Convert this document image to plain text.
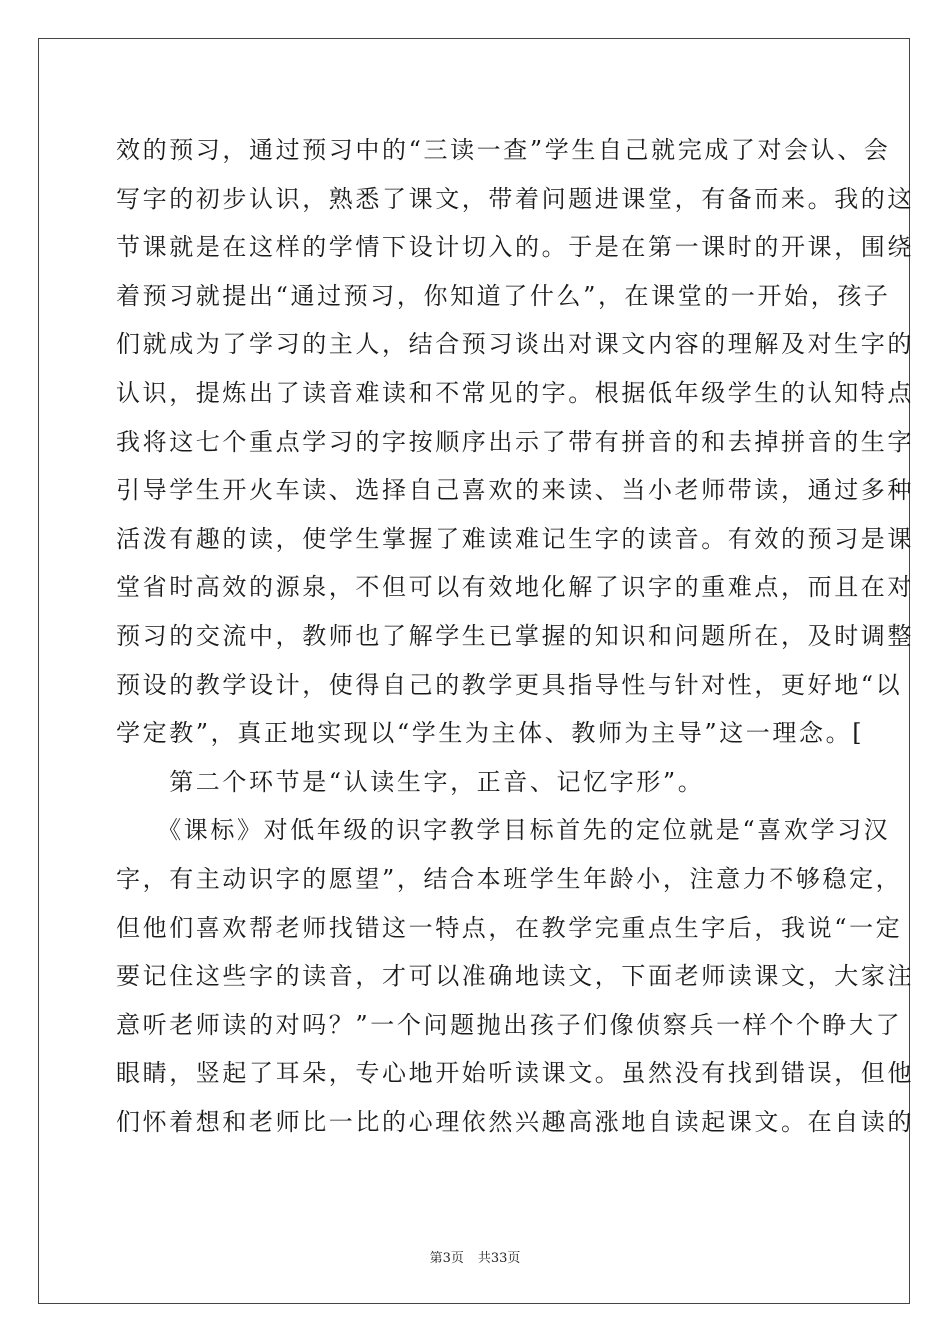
效的预习，通过预习中的“三读一查”学生自己就完成了对会认、会
写字的初步认识，熟悉了课文，带着问题进课堂，有备而来。我的这
节课就是在这样的学情下设计切入的。于是在第一课时的开课，围绕
着预习就提出“通过预习，你知道了什么”，在课堂的一开始，孩子
们就成为了学习的主人，结合预习谈出对课文内容的理解及对生字的
认识，提炼出了读音难读和不常见的字。根据低年级学生的认知特点
我将这七个重点学习的字按顺序出示了带有拼音的和去掉拼音的生字
引导学生开火车读、选择自己喜欢的来读、当小老师带读，通过多种
活泼有趣的读，使学生掌握了难读难记生字的读音。有效的预习是课
堂省时高效的源泉，不但可以有效地化解了识字的重难点，而且在对
预习的交流中，教师也了解学生已掌握的知识和问题所在，及时调整
预设的教学设计，使得自己的教学更具指导性与针对性，更好地“以
学定教”，真正地实现以“学生为主体、教师为主导”这一理念。[
　　第二个环节是“认读生字，正音、记忆字形”。
　　《课标》对低年级的识字教学目标首先的定位就是“喜欢学习汉
字，有主动识字的愿望”，结合本班学生年龄小，注意力不够稳定，
但他们喜欢帮老师找错这一特点，在教学完重点生字后，我说“一定
要记住这些字的读音，才可以准确地读文，下面老师读课文，大家注
意听老师读的对吗？”一个问题抛出孩子们像侦察兵一样个个睁大了
眼睛，竖起了耳朵，专心地开始听读课文。虽然没有找到错误，但他
们怀着想和老师比一比的心理依然兴趣高涨地自读起课文。在自读的
第3页 共33页
